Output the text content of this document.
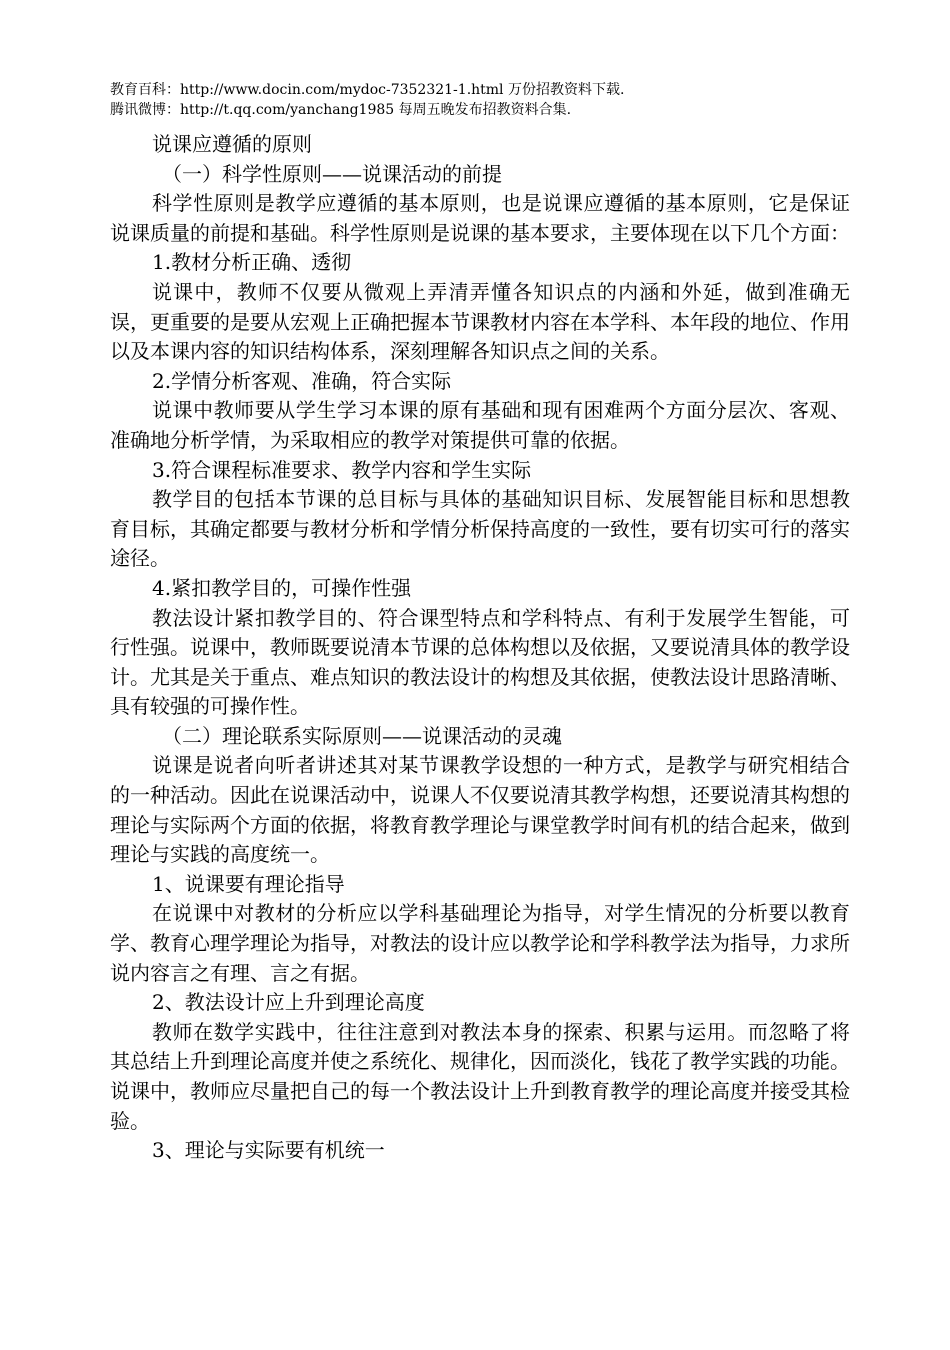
教育百科：http://www.docin.com/mydoc-7352321-1.html 万份招教资料下载.
腾讯微博：http://t.qq.com/yanchang1985 每周五晚发布招教资料合集.
说课应遵循的原则
（一）科学性原则——说课活动的前提
科学性原则是教学应遵循的基本原则，也是说课应遵循的基本原则，它是保证说课质量的前提和基础。科学性原则是说课的基本要求，主要体现在以下几个方面：
1.教材分析正确、透彻
说课中，教师不仅要从微观上弄清弄懂各知识点的内涵和外延，做到准确无误，更重要的是要从宏观上正确把握本节课教材内容在本学科、本年段的地位、作用以及本课内容的知识结构体系，深刻理解各知识点之间的关系。
2.学情分析客观、准确，符合实际
说课中教师要从学生学习本课的原有基础和现有困难两个方面分层次、客观、准确地分析学情，为采取相应的教学对策提供可靠的依据。
3.符合课程标准要求、教学内容和学生实际
教学目的包括本节课的总目标与具体的基础知识目标、发展智能目标和思想教育目标，其确定都要与教材分析和学情分析保持高度的一致性，要有切实可行的落实途径。
4.紧扣教学目的，可操作性强
教法设计紧扣教学目的、符合课型特点和学科特点、有利于发展学生智能，可行性强。说课中，教师既要说清本节课的总体构想以及依据，又要说清具体的教学设计。尤其是关于重点、难点知识的教法设计的构想及其依据，使教法设计思路清晰、具有较强的可操作性。
（二）理论联系实际原则——说课活动的灵魂
说课是说者向听者讲述其对某节课教学设想的一种方式，是教学与研究相结合的一种活动。因此在说课活动中，说课人不仅要说清其教学构想，还要说清其构想的理论与实际两个方面的依据，将教育教学理论与课堂教学时间有机的结合起来，做到理论与实践的高度统一。
1、说课要有理论指导
在说课中对教材的分析应以学科基础理论为指导，对学生情况的分析要以教育学、教育心理学理论为指导，对教法的设计应以教学论和学科教学法为指导，力求所说内容言之有理、言之有据。
2、教法设计应上升到理论高度
教师在数学实践中，往往注意到对教法本身的探索、积累与运用。而忽略了将其总结上升到理论高度并使之系统化、规律化，因而淡化，钱花了教学实践的功能。说课中，教师应尽量把自己的每一个教法设计上升到教育教学的理论高度并接受其检验。
3、理论与实际要有机统一
